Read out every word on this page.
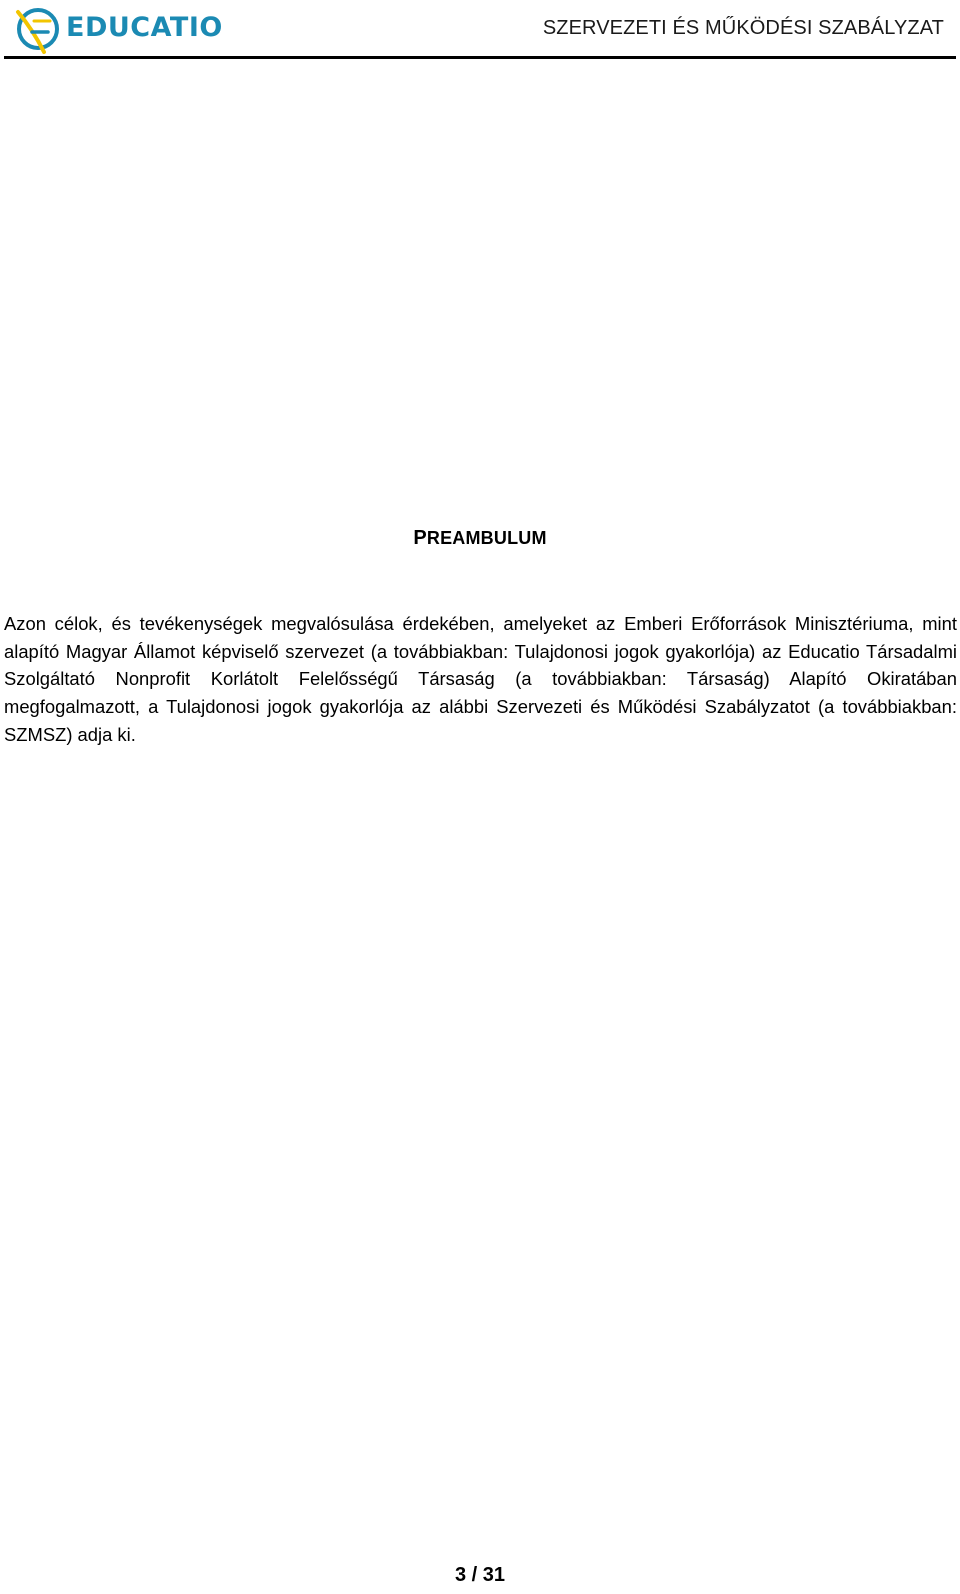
EDUCATIO	SZERVEZETI ÉS MŰKÖDÉSI SZABÁLYZAT
PREAMBULUM

Azon célok, és tevékenységek megvalósulása érdekében, amelyeket az Emberi Erőforrások Minisztériuma, mint alapító Magyar Államot képviselő szervezet (a továbbiakban: Tulajdonosi jogok gyakorlója) az Educatio Társadalmi Szolgáltató Nonprofit Korlátolt Felelősségű Társaság (a továbbiakban: Társaság) Alapító Okiratában megfogalmazott, a Tulajdonosi jogok gyakorlója az alábbi Szervezeti és Működési Szabályzatot (a továbbiakban: SZMSZ) adja ki.

3 / 31
